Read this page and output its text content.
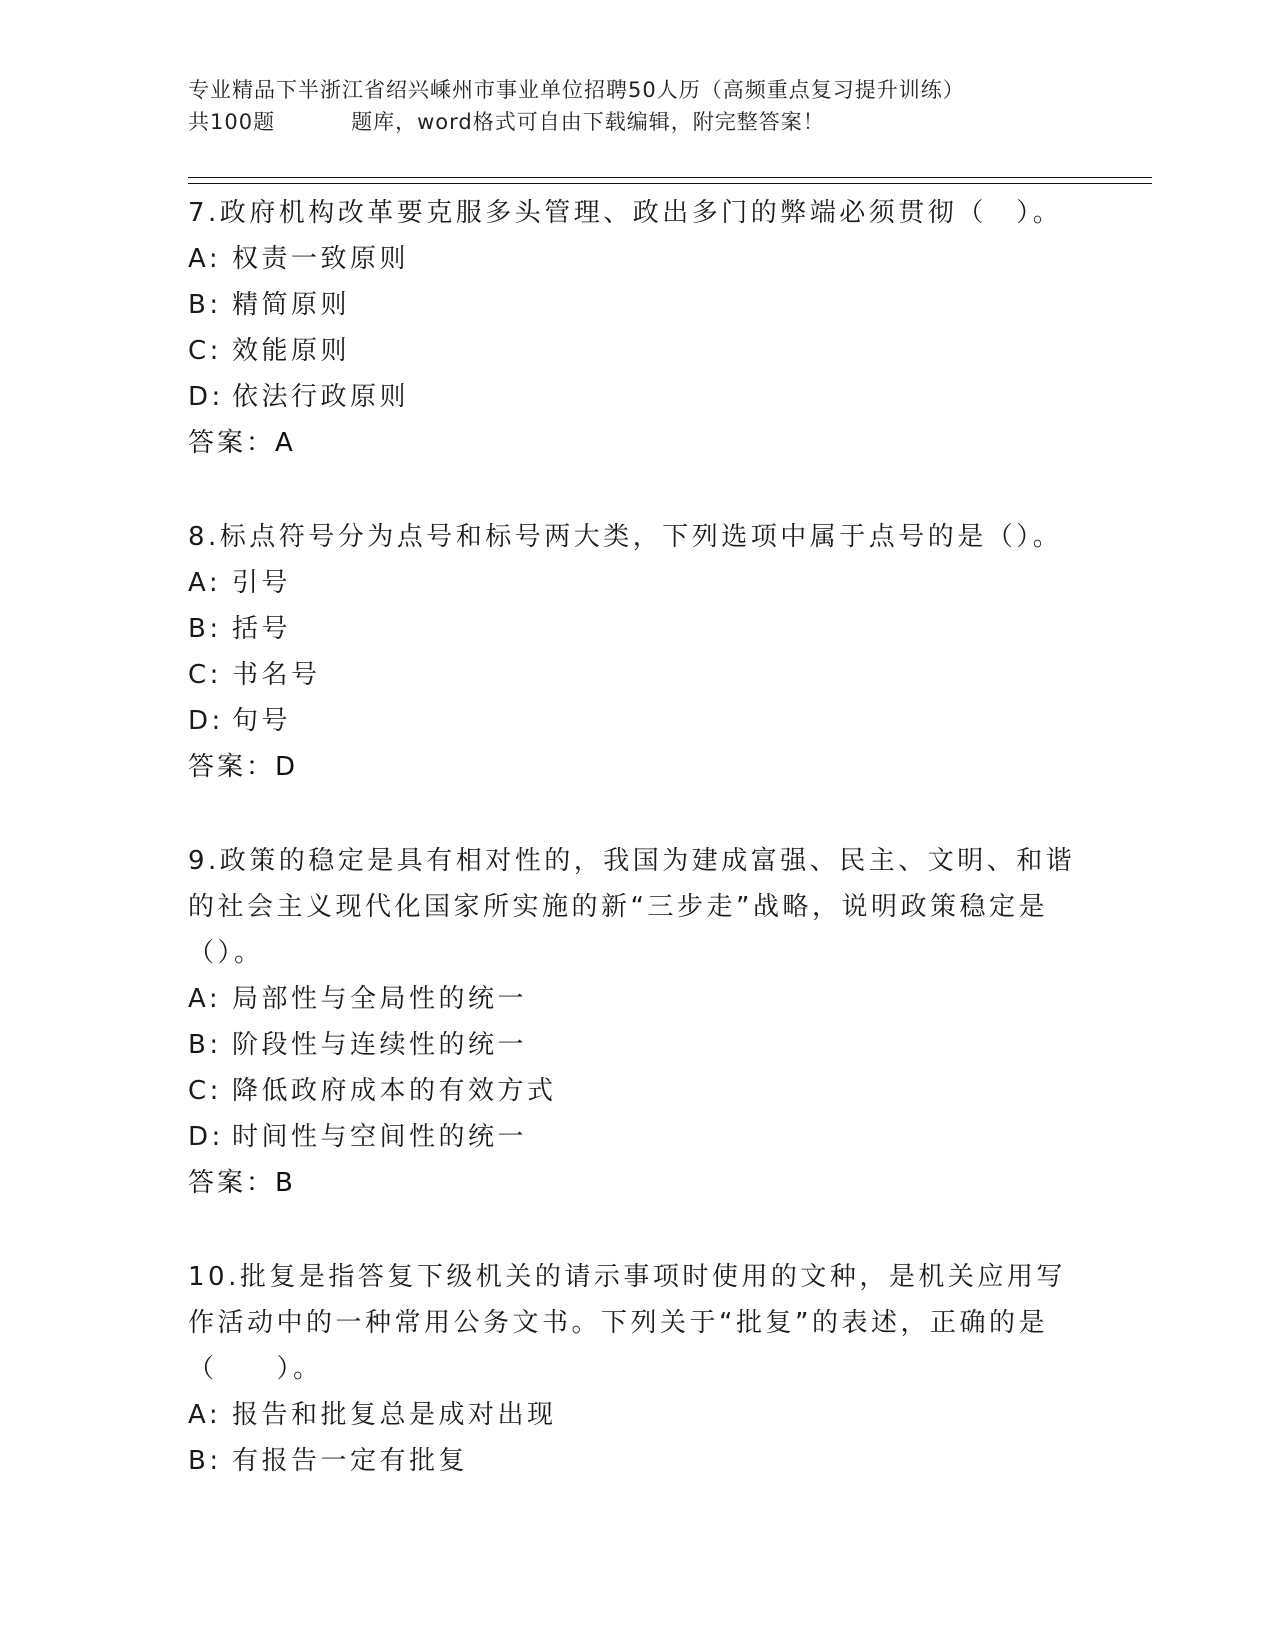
专业精品下半浙江省绍兴嵊州市事业单位招聘50人历（高频重点复习提升训练）
共100题	题库，word格式可自由下载编辑，附完整答案！

7.政府机构改革要克服多头管理、政出多门的弊端必须贯彻（　）。

A: 权责一致原则
B: 精简原则
C: 效能原则
D: 依法行政原则
答案：A

8.标点符号分为点号和标号两大类，下列选项中属于点号的是（）。

A: 引号
B: 括号
C: 书名号
D: 句号
答案：D

9.政策的稳定是具有相对性的，我国为建成富强、民主、文明、和谐的社会主义现代化国家所实施的新“三步走”战略，说明政策稳定是（）。

A: 局部性与全局性的统一
B: 阶段性与连续性的统一
C: 降低政府成本的有效方式
D: 时间性与空间性的统一
答案：B

10.批复是指答复下级机关的请示事项时使用的文种，是机关应用写作活动中的一种常用公务文书。下列关于“批复”的表述，正确的是（　　）。

A: 报告和批复总是成对出现
B: 有报告一定有批复
